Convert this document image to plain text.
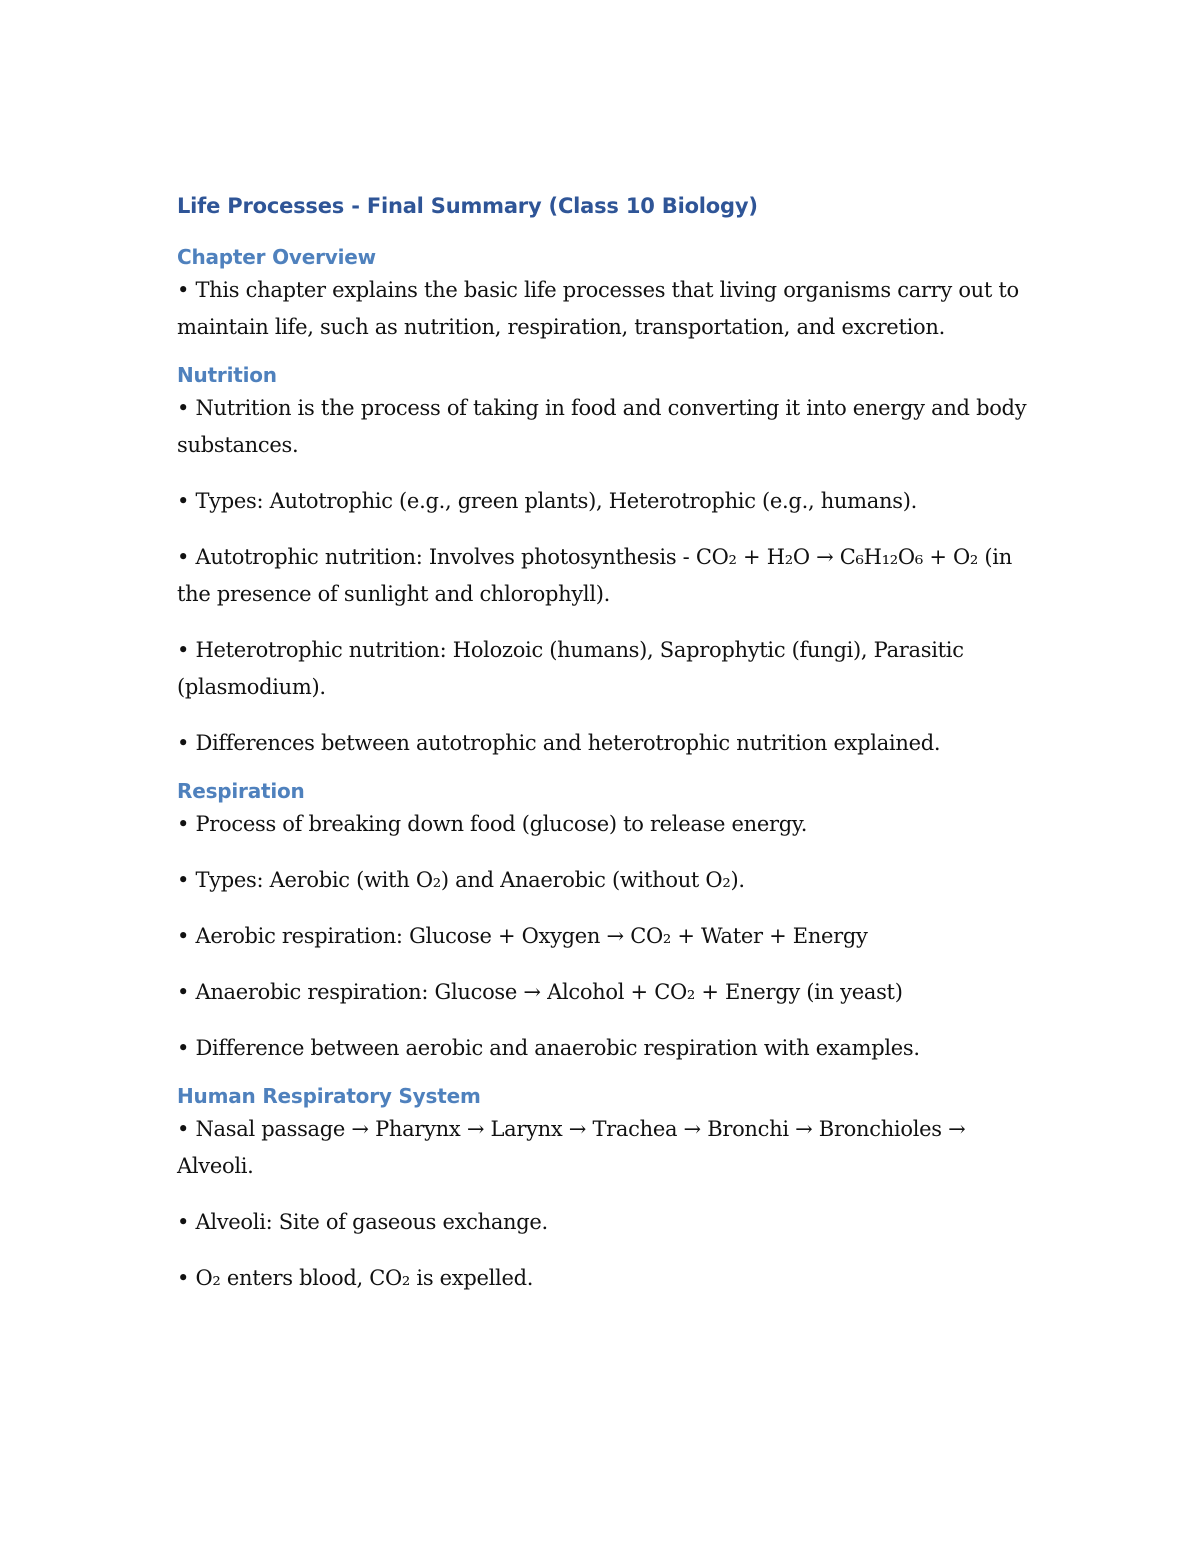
Life Processes - Final Summary (Class 10 Biology)
Chapter Overview

• This chapter explains the basic life processes that living organisms carry out to maintain life, such as nutrition, respiration, transportation, and excretion.

Nutrition

• Nutrition is the process of taking in food and converting it into energy and body substances.

• Types: Autotrophic (e.g., green plants), Heterotrophic (e.g., humans).

• Autotrophic nutrition: Involves photosynthesis - CO₂ + H₂O → C₆H₁₂O₆ + O₂ (in the presence of sunlight and chlorophyll).

• Heterotrophic nutrition: Holozoic (humans), Saprophytic (fungi), Parasitic (plasmodium).

• Differences between autotrophic and heterotrophic nutrition explained.

Respiration

• Process of breaking down food (glucose) to release energy.

• Types: Aerobic (with O₂) and Anaerobic (without O₂).

• Aerobic respiration: Glucose + Oxygen → CO₂ + Water + Energy

• Anaerobic respiration: Glucose → Alcohol + CO₂ + Energy (in yeast)

• Difference between aerobic and anaerobic respiration with examples.

Human Respiratory System

• Nasal passage → Pharynx → Larynx → Trachea → Bronchi → Bronchioles → Alveoli.

• Alveoli: Site of gaseous exchange.

• O₂ enters blood, CO₂ is expelled.
